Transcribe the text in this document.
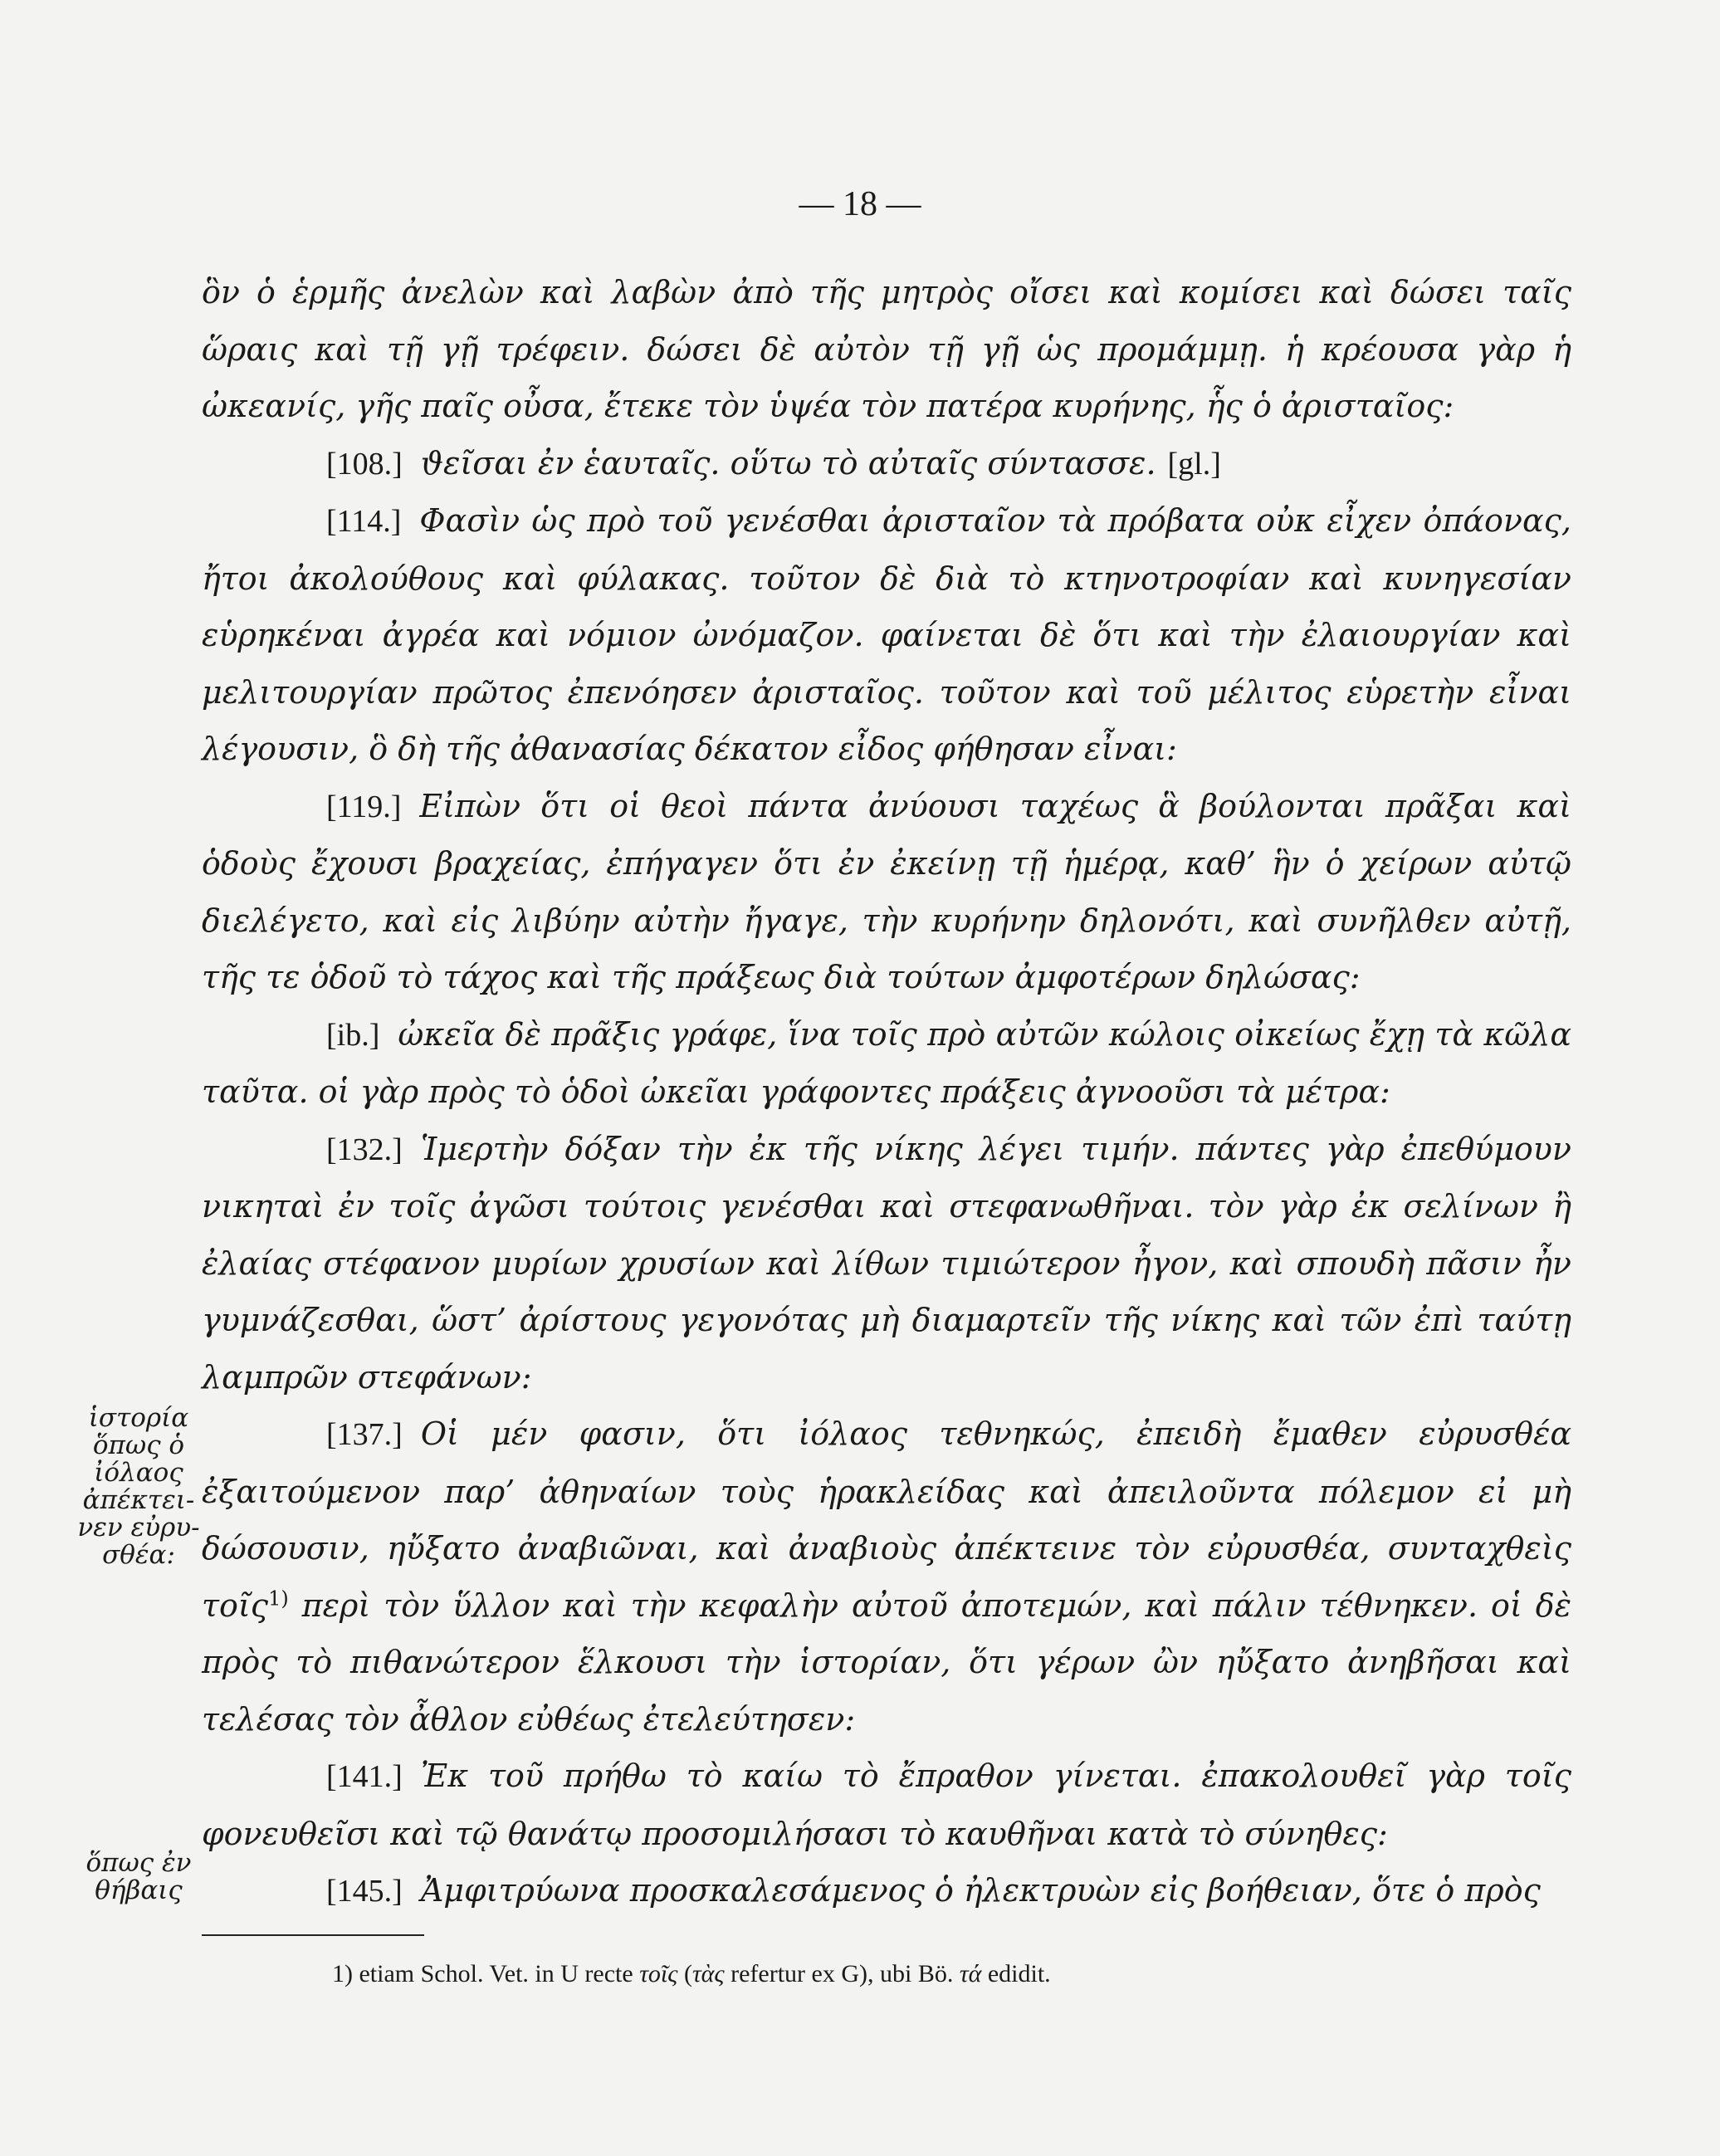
— 18 —

ὃν ὁ ἑρμῆς ἀνελὼν καὶ λαβὼν ἀπὸ τῆς μητρὸς οἴσει καὶ κομίσει καὶ δώσει ταῖς ὥραις καὶ τῇ γῇ τρέφειν. δώσει δὲ αὐτὸν τῇ γῇ ὡς προμάμμῃ. ἡ κρέουσα γὰρ ἡ ὠκεανίς, γῆς παῖς οὖσα, ἔτεκε τὸν ὑψέα τὸν πατέρα κυρήνης, ἧς ὁ ἀρισταῖος:

[108.] ϑεῖσαι ἐν ἑαυταῖς. οὕτω τὸ αὐταῖς σύντασσε. [gl.]

[114.] Φασὶν ὡς πρὸ τοῦ γενέσθαι ἀρισταῖον τὰ πρόβατα οὐκ εἶχεν ὀπάονας, ἤτοι ἀκολούθους καὶ φύλακας. τοῦτον δὲ διὰ τὸ κτηνοτροφίαν καὶ κυνηγεσίαν εὑρηκέναι ἀγρέα καὶ νόμιον ὠνόμαζον. φαίνεται δὲ ὅτι καὶ τὴν ἐλαιουργίαν καὶ μελιτουργίαν πρῶτος ἐπενόησεν ἀρισταῖος. τοῦτον καὶ τοῦ μέλιτος εὑρετὴν εἶναι λέγουσιν, ὃ δὴ τῆς ἀθανασίας δέκατον εἶδος φήθησαν εἶναι:

[119.] Εἰπὼν ὅτι οἱ θεοὶ πάντα ἀνύουσι ταχέως ἃ βούλονται πρᾶξαι καὶ ὁδοὺς ἔχουσι βραχείας, ἐπήγαγεν ὅτι ἐν ἐκείνῃ τῇ ἡμέρᾳ, καθ’ ἣν ὁ χείρων αὐτῷ διελέγετο, καὶ εἰς λιβύην αὐτὴν ἤγαγε, τὴν κυρήνην δηλονότι, καὶ συνῆλθεν αὐτῇ, τῆς τε ὁδοῦ τὸ τάχος καὶ τῆς πράξεως διὰ τούτων ἀμφοτέρων δηλώσας:

[ib.] ὠκεῖα δὲ πρᾶξις γράφε, ἵνα τοῖς πρὸ αὐτῶν κώλοις οἰκείως ἔχῃ τὰ κῶλα ταῦτα. οἱ γὰρ πρὸς τὸ ὁδοὶ ὠκεῖαι γράφοντες πράξεις ἀγνοοῦσι τὰ μέτρα:

[132.] Ἱμερτὴν δόξαν τὴν ἐκ τῆς νίκης λέγει τιμήν. πάντες γὰρ ἐπεθύμουν νικηταὶ ἐν τοῖς ἀγῶσι τούτοις γενέσθαι καὶ στεφανωθῆναι. τὸν γὰρ ἐκ σελίνων ἢ ἐλαίας στέφανον μυρίων χρυσίων καὶ λίθων τιμιώτερον ἦγον, καὶ σπουδὴ πᾶσιν ἦν γυμνάζεσθαι, ὥστ’ ἀρίστους γεγονότας μὴ διαμαρτεῖν τῆς νίκης καὶ τῶν ἐπὶ ταύτῃ λαμπρῶν στεφάνων:

[137.] Οἱ μέν φασιν, ὅτι ἰόλαος τεθνηκώς, ἐπειδὴ ἔμαθεν εὐρυσθέα ἐξαιτούμενον παρ’ ἀθηναίων τοὺς ἡρακλείδας καὶ ἀπειλοῦντα πόλεμον εἰ μὴ δώσουσιν, ηὔξατο ἀναβιῶναι, καὶ ἀναβιοὺς ἀπέκτεινε τὸν εὐρυσθέα, συνταχθεὶς τοῖς$^{1)}$ περὶ τὸν ὕλλον καὶ τὴν κεφαλὴν αὐτοῦ ἀποτεμών, καὶ πάλιν τέθνηκεν. οἱ δὲ πρὸς τὸ πιθανώτερον ἕλκουσι τὴν ἱστορίαν, ὅτι γέρων ὢν ηὔξατο ἀνηβῆσαι καὶ τελέσας τὸν ἆθλον εὐθέως ἐτελεύτησεν:

[141.] Ἐκ τοῦ πρήθω τὸ καίω τὸ ἔπραθον γίνεται. ἐπακολουθεῖ γὰρ τοῖς φονευθεῖσι καὶ τῷ θανάτῳ προσομιλήσασι τὸ καυθῆναι κατὰ τὸ σύνηθες:

[145.] Ἀμφιτρύωνα προσκαλεσάμενος ὁ ἠλεκτρυὼν εἰς βοήθειαν, ὅτε ὁ πρὸς

ἱστορία
ὅπως ὁ
ἰόλαος
ἀπέκτει-
νεν εὐρυ-
σθέα:
ὅπως ἐν
θήβαις
1) etiam Schol. Vet. in U recte τοῖς (τὰς refertur ex G), ubi Bö. τά edidit.
